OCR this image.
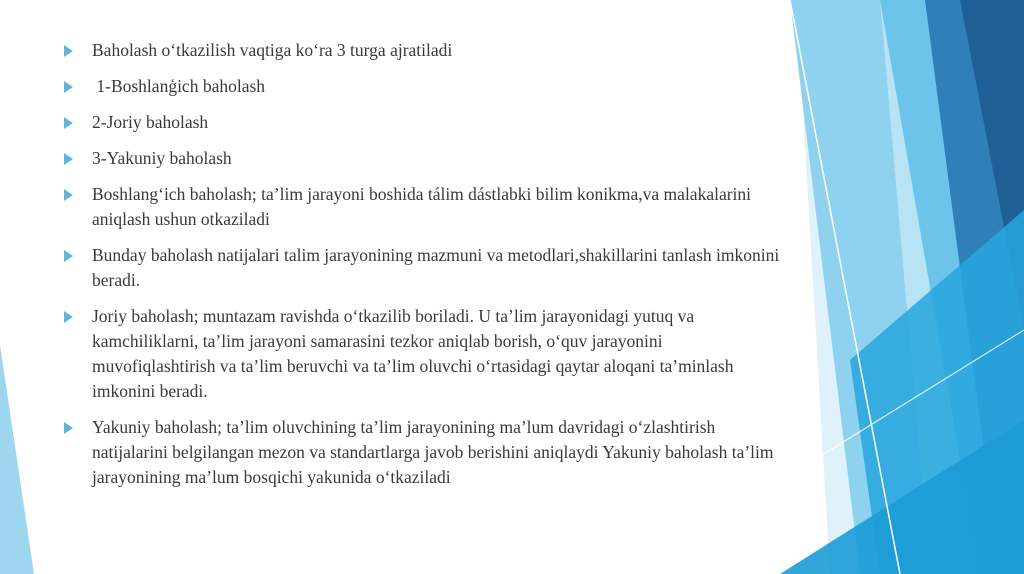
Baholash oʻtkazilish vaqtiga koʻra 3 turga ajratiladi
1-Boshlanģich baholash
2-Joriy baholash
3-Yakuniy baholash
Boshlangʻich baholash; taʼlim jarayoni boshida tálim dástlabki bilim konikma,va malakalarini aniqlash ushun otkaziladi
Bunday baholash natijalari talim jarayonining mazmuni va metodlari,shakillarini tanlash imkonini beradi.
Joriy baholash; muntazam ravishda oʻtkazilib boriladi. U taʼlim jarayonidagi yutuq va kamchiliklarni, taʼlim jarayoni samarasini tezkor aniqlab borish, oʻquv jarayonini muvofiqlashtirish va taʼlim beruvchi va taʼlim oluvchi oʻrtasidagi qaytar aloqani taʼminlash imkonini beradi.
Yakuniy baholash; taʼlim oluvchining taʼlim jarayonining maʼlum davridagi oʻzlashtirish natijalarini belgilangan mezon va standartlarga javob berishini aniqlaydi Yakuniy baholash taʼlim jarayonining maʼlum bosqichi yakunida oʻtkaziladi
